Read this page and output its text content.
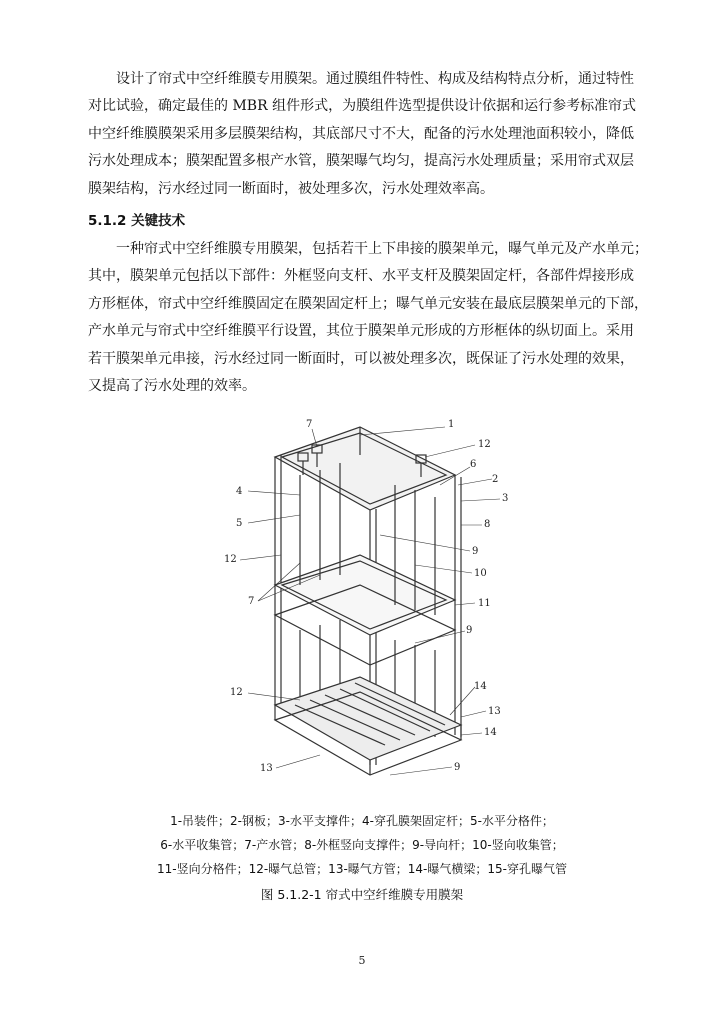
设计了帘式中空纤维膜专用膜架。通过膜组件特性、构成及结构特点分析，通过特性
对比试验，确定最佳的 MBR 组件形式，为膜组件选型提供设计依据和运行参考标准帘式
中空纤维膜膜架采用多层膜架结构，其底部尺寸不大，配备的污水处理池面积较小，降低
污水处理成本；膜架配置多根产水管，膜架曝气均匀，提高污水处理质量；采用帘式双层
膜架结构，污水经过同一断面时，被处理多次，污水处理效率高。
5.1.2 关键技术
一种帘式中空纤维膜专用膜架，包括若干上下串接的膜架单元，曝气单元及产水单元；
其中，膜架单元包括以下部件：外框竖向支杆、水平支杆及膜架固定杆，各部件焊接形成
方形框体，帘式中空纤维膜固定在膜架固定杆上；曝气单元安装在最底层膜架单元的下部，
产水单元与帘式中空纤维膜平行设置，其位于膜架单元形成的方形框体的纵切面上。采用
若干膜架单元串接，污水经过同一断面时，可以被处理多次，既保证了污水处理的效果，
又提高了污水处理的效率。
7	1
12
6
2
3
4
8
5
9
12
10
7	11
9
12
14
13
14
13	9
1-吊装件；2-钢板；3-水平支撑件；4-穿孔膜架固定杆；5-水平分格件；
6-水平收集管；7-产水管；8-外框竖向支撑件；9-导向杆；10-竖向收集管；
11-竖向分格件；12-曝气总管；13-曝气方管；14-曝气横梁；15-穿孔曝气管
图 5.1.2-1 帘式中空纤维膜专用膜架
5
